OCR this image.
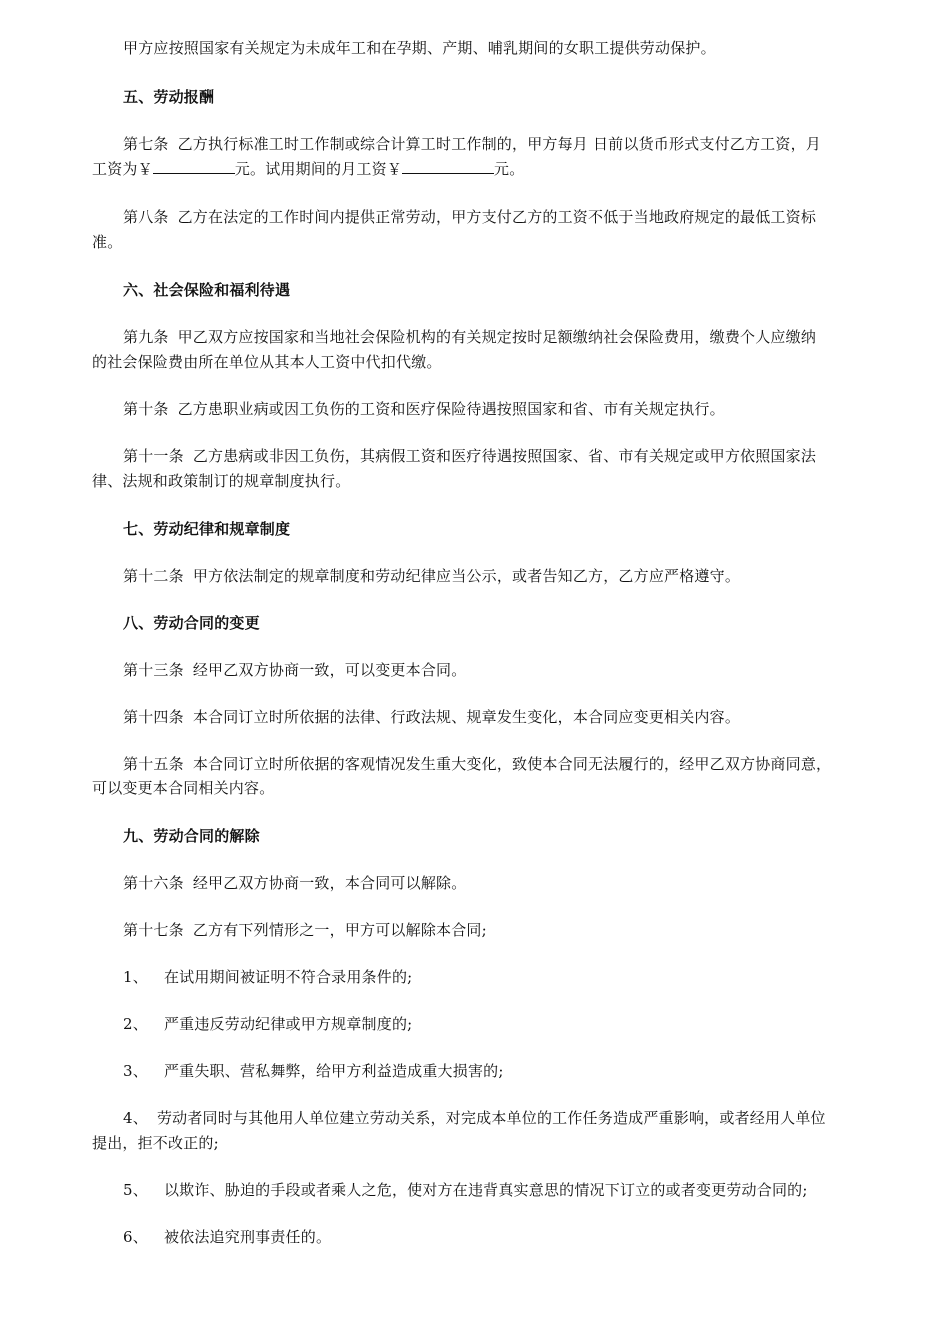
甲方应按照国家有关规定为未成年工和在孕期、产期、哺乳期间的女职工提供劳动保护。
五、劳动报酬
第七条 乙方执行标准工时工作制或综合计算工时工作制的，甲方每月 日前以货币形式支付乙方工资，月
工资为￥	元。试用期间的月工资￥	元。
第八条 乙方在法定的工作时间内提供正常劳动，甲方支付乙方的工资不低于当地政府规定的最低工资标
准。
六、社会保险和福利待遇
第九条 甲乙双方应按国家和当地社会保险机构的有关规定按时足额缴纳社会保险费用，缴费个人应缴纳
的社会保险费由所在单位从其本人工资中代扣代缴。
第十条 乙方患职业病或因工负伤的工资和医疗保险待遇按照国家和省、市有关规定执行。
第十一条 乙方患病或非因工负伤，其病假工资和医疗待遇按照国家、省、市有关规定或甲方依照国家法
律、法规和政策制订的规章制度执行。
七、劳动纪律和规章制度
第十二条 甲方依法制定的规章制度和劳动纪律应当公示，或者告知乙方，乙方应严格遵守。
八、劳动合同的变更
第十三条 经甲乙双方协商一致，可以变更本合同。
第十四条 本合同订立时所依据的法律、行政法规、规章发生变化，本合同应变更相关内容。
第十五条 本合同订立时所依据的客观情况发生重大变化，致使本合同无法履行的，经甲乙双方协商同意，
可以变更本合同相关内容。
九、劳动合同的解除
第十六条 经甲乙双方协商一致，本合同可以解除。
第十七条 乙方有下列情形之一，甲方可以解除本合同;
1、 在试用期间被证明不符合录用条件的;
2、 严重违反劳动纪律或甲方规章制度的;
3、 严重失职、营私舞弊，给甲方利益造成重大损害的;
4、 劳动者同时与其他用人单位建立劳动关系，对完成本单位的工作任务造成严重影响，或者经用人单位
提出，拒不改正的;
5、 以欺诈、胁迫的手段或者乘人之危，使对方在违背真实意思的情况下订立的或者变更劳动合同的;
6、 被依法追究刑事责任的。
